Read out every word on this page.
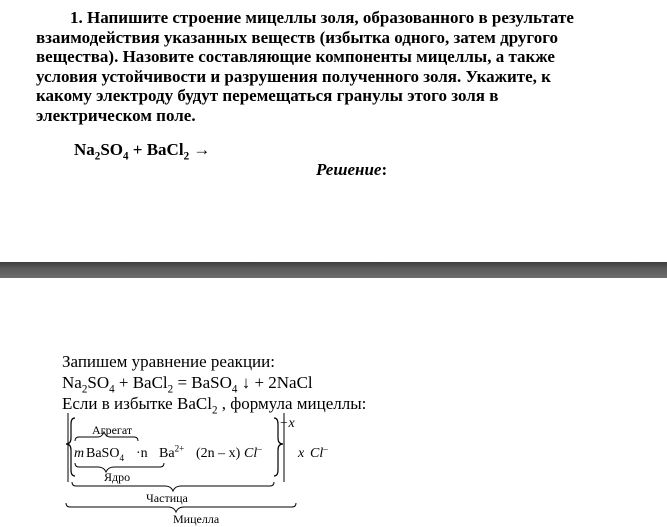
1. Напишите строение мицеллы золя, образованного в результате
взаимодействия указанных веществ (избытка одного, затем другого
вещества). Назовите составляющие компоненты мицеллы, а также
условия устойчивости и разрушения полученного золя. Укажите, к
какому электроду будут перемещаться гранулы этого золя в
электрическом поле.
$Na_2SO_4$ + BaCl$_2$ →
Решение:
Запишем уравнение реакции:
$Na_2SO_4$ + BaCl$_2$ = BaSO$_4$ ↓ + 2NaCl
Если в избытке BaCl$_2$ , формула мицеллы:
Агрегат
m BaSO$_4$ ·n $Ba^{2+}$ (2n – x) Cl–
+x
x Cl–
Ядро
Частица
Мицелла
